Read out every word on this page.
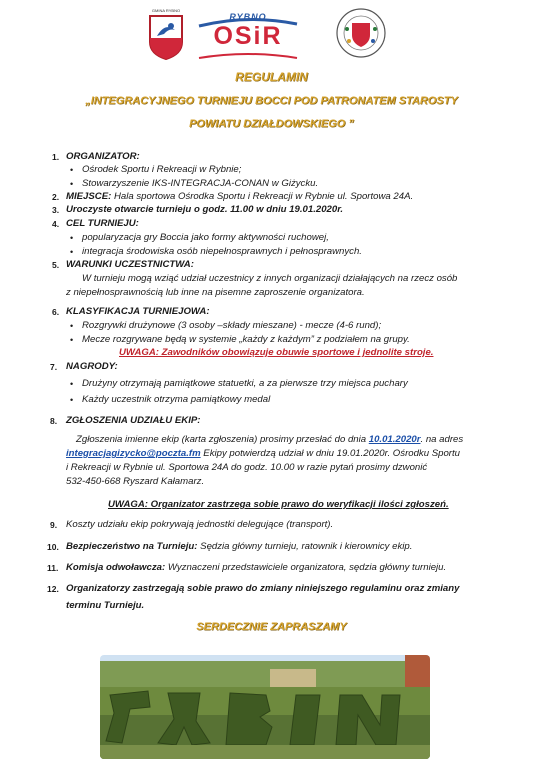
GMINA RYBNO
RYBNO
OSiR
REGULAMIN
„INTEGRACYJNEGO TURNIEJU BOCCI POD PATRONATEM STAROSTY
POWIATU DZIAŁDOWSKIEGO ”
1. ORGANIZATOR:
• Ośrodek Sportu i Rekreacji w Rybnie;
• Stowarzyszenie IKS-INTEGRACJA-CONAN w Giżycku.
2. MIEJSCE: Hala sportowa Ośrodka Sportu i Rekreacji w Rybnie ul. Sportowa 24A.
3. Uroczyste otwarcie turnieju o godz. 11.00 w dniu 19.01.2020r.
4. CEL TURNIEJU:
• popularyzacja gry Boccia jako formy aktywności ruchowej,
• integracja środowiska osób niepełnosprawnych i pełnosprawnych.
5. WARUNKI UCZESTNICTWA:
W turnieju mogą wziąć udział uczestnicy z innych organizacji działających na rzecz osób
z niepełnosprawnością lub inne na pisemne zaproszenie organizatora.
6. KLASYFIKACJA TURNIEJOWA:
• Rozgrywki drużynowe (3 osoby –składy mieszane) - mecze (4-6 rund);
• Mecze rozgrywane będą w systemie „każdy z każdym” z podziałem na grupy.
UWAGA: Zawodników obowiązuje obuwie sportowe i jednolite stroje.
7. NAGRODY:
• Drużyny otrzymają pamiątkowe statuetki, a za pierwsze trzy miejsca puchary
• Każdy uczestnik otrzyma pamiątkowy medal
8. ZGŁOSZENIA UDZIAŁU EKIP:
Zgłoszenia imienne ekip (karta zgłoszenia) prosimy przesłać do dnia 10.01.2020r. na adres
integracjagizycko@poczta.fm Ekipy potwierdzą udział w dniu 19.01.2020r. Ośrodku Sportu
i Rekreacji w Rybnie ul. Sportowa 24A do godz. 10.00 w razie pytań prosimy dzwonić
532-450-668 Ryszard Kałamarz.
UWAGA: Organizator zastrzega sobie prawo do weryfikacji ilości zgłoszeń.
9. Koszty udziału ekip pokrywają jednostki delegujące (transport).
10. Bezpieczeństwo na Turnieju: Sędzia główny turnieju, ratownik i kierownicy ekip.
11. Komisja odwoławcza: Wyznaczeni przedstawiciele organizatora, sędzia główny turnieju.
12. Organizatorzy zastrzegają sobie prawo do zmiany niniejszego regulaminu oraz zmiany
terminu Turnieju.
SERDECZNIE ZAPRASZAMY
